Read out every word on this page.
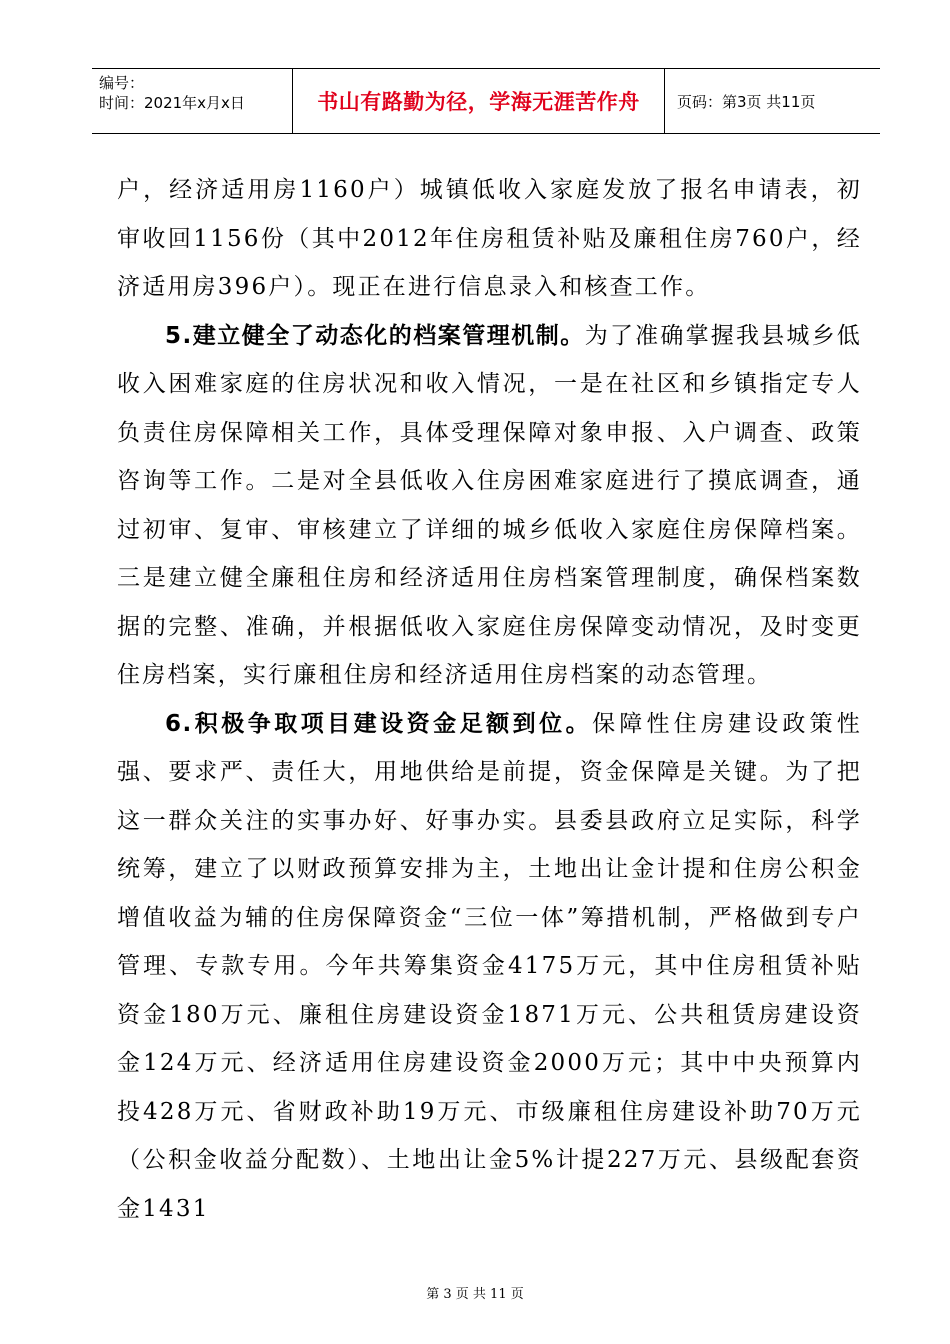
编号：
时间：2021年x月x日	书山有路勤为径，学海无涯苦作舟	页码：第3页 共11页

户，经济适用房1160户）城镇低收入家庭发放了报名申请表，初审收回1156份（其中2012年住房租赁补贴及廉租住房760户，经济适用房396户）。现正在进行信息录入和核查工作。

5.建立健全了动态化的档案管理机制。为了准确掌握我县城乡低收入困难家庭的住房状况和收入情况，一是在社区和乡镇指定专人负责住房保障相关工作，具体受理保障对象申报、入户调查、政策咨询等工作。二是对全县低收入住房困难家庭进行了摸底调查，通过初审、复审、审核建立了详细的城乡低收入家庭住房保障档案。三是建立健全廉租住房和经济适用住房档案管理制度，确保档案数据的完整、准确，并根据低收入家庭住房保障变动情况，及时变更住房档案，实行廉租住房和经济适用住房档案的动态管理。

6.积极争取项目建设资金足额到位。保障性住房建设政策性强、要求严、责任大，用地供给是前提，资金保障是关键。为了把这一群众关注的实事办好、好事办实。县委县政府立足实际，科学统筹，建立了以财政预算安排为主，土地出让金计提和住房公积金增值收益为辅的住房保障资金“三位一体”筹措机制，严格做到专户管理、专款专用。今年共筹集资金4175万元，其中住房租赁补贴资金180万元、廉租住房建设资金1871万元、公共租赁房建设资金124万元、经济适用住房建设资金2000万元；其中中央预算内投428万元、省财政补助19万元、市级廉租住房建设补助70万元（公积金收益分配数）、土地出让金5%计提227万元、县级配套资金1431

第 3 页 共 11 页
